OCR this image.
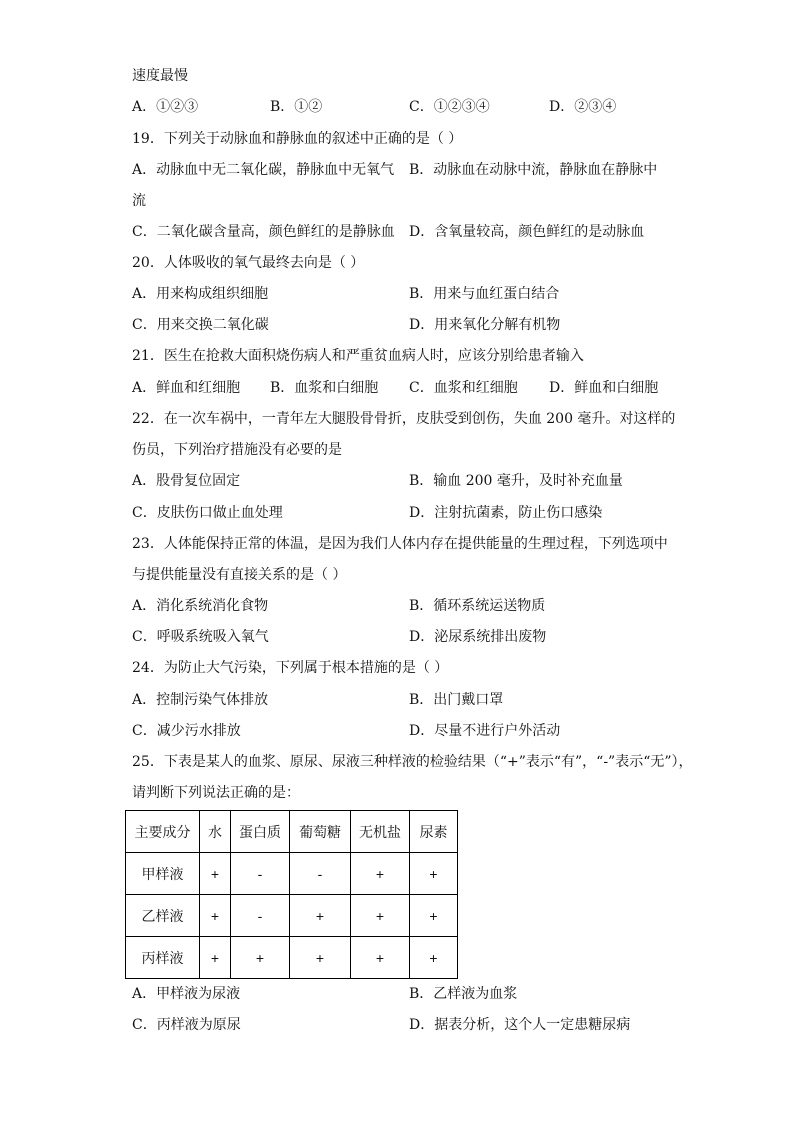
速度最慢
A．①②③	B．①②	C．①②③④	D．②③④
19．下列关于动脉血和静脉血的叙述中正确的是（ ）
A．动脉血中无二氧化碳，静脉血中无氧气 B．动脉血在动脉中流，静脉血在静脉中
流
C．二氧化碳含量高，颜色鲜红的是静脉血 D．含氧量较高，颜色鲜红的是动脉血
20．人体吸收的氧气最终去向是（ ）
A．用来构成组织细胞	B．用来与血红蛋白结合
C．用来交换二氧化碳	D．用来氧化分解有机物
21．医生在抢救大面积烧伤病人和严重贫血病人时，应该分别给患者输入
A．鲜血和红细胞 B．血浆和白细胞 C．血浆和红细胞 D．鲜血和白细胞
22．在一次车祸中，一青年左大腿股骨骨折，皮肤受到创伤，失血 200 毫升。对这样的
伤员，下列治疗措施没有必要的是
A．股骨复位固定	B．输血 200 毫升，及时补充血量
C．皮肤伤口做止血处理	D．注射抗菌素，防止伤口感染
23．人体能保持正常的体温，是因为我们人体内存在提供能量的生理过程，下列选项中
与提供能量没有直接关系的是（ ）
A．消化系统消化食物	B．循环系统运送物质
C．呼吸系统吸入氧气	D．泌尿系统排出废物
24．为防止大气污染，下列属于根本措施的是（ ）
A．控制污染气体排放	B．出门戴口罩
C．减少污水排放	D．尽量不进行户外活动
25．下表是某人的血浆、原尿、尿液三种样液的检验结果（“+”表示“有”，“-”表示“无”），
请判断下列说法正确的是：
主要成分	水	蛋白质	葡萄糖	无机盐	尿素
甲样液	+	-	-	+	+
乙样液	+	-	+	+	+
丙样液	+	+	+	+	+
A．甲样液为尿液	B．乙样液为血浆
C．丙样液为原尿	D．据表分析，这个人一定患糖尿病
